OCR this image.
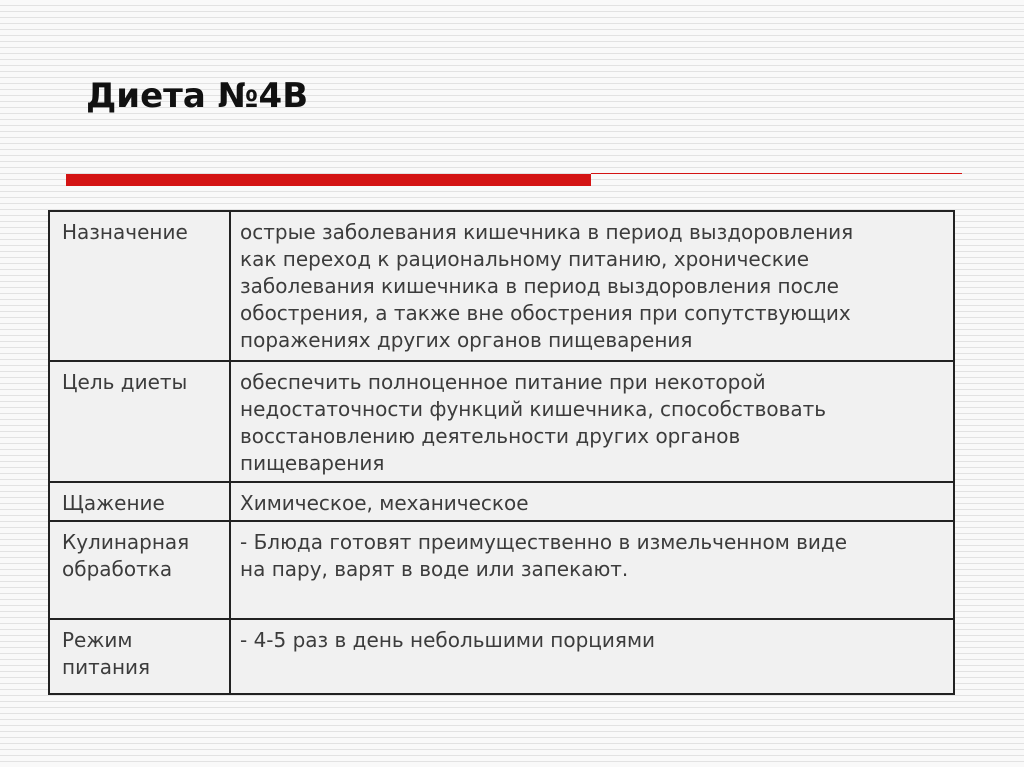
Диета №4В
Назначение	острые заболевания кишечника в период выздоровления
как переход к рациональному питанию, хронические
заболевания кишечника в период выздоровления после
обострения, а также вне обострения при сопутствующих
поражениях других органов пищеварения

Цель диеты	обеспечить полноценное питание при некоторой
недостаточности функций кишечника, способствовать
восстановлению деятельности других органов
пищеварения

Щажение	Химическое, механическое

Кулинарная
обработка	- Блюда готовят преимущественно в измельченном виде
на пару, варят в воде или запекают.

Режим
питания	- 4-5 раз в день небольшими порциями
